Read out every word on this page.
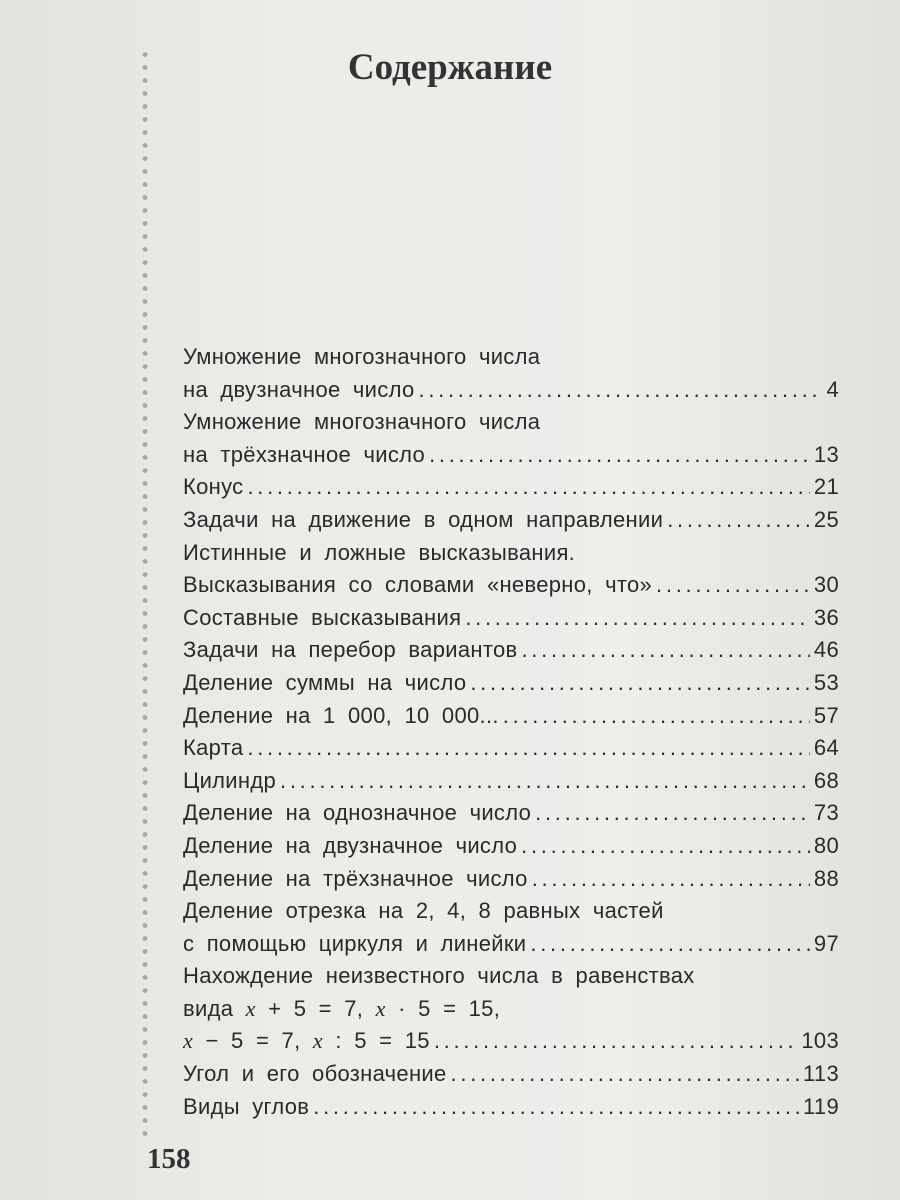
Содержание
Умножение многозначного числа
на двузначное число . . .	4
Умножение многозначного числа
на трёхзначное число . . .	13
Конус . . .	21
Задачи на движение в одном направлении . . .	25
Истинные и ложные высказывания.
Высказывания со словами «неверно, что» . . .	30
Составные высказывания . . .	36
Задачи на перебор вариантов . . .	46
Деление суммы на число . . .	53
Деление на 1 000, 10 000... . . .	57
Карта . . .	64
Цилиндр . . .	68
Деление на однозначное число . . .	73
Деление на двузначное число . . .	80
Деление на трёхзначное число . . .	88
Деление отрезка на 2, 4, 8 равных частей
с помощью циркуля и линейки . . .	97
Нахождение неизвестного числа в равенствах
вида x + 5 = 7, x · 5 = 15,
x − 5 = 7, x : 5 = 15 . . .	103
Угол и его обозначение . . .	113
Виды углов . . .	119
158
